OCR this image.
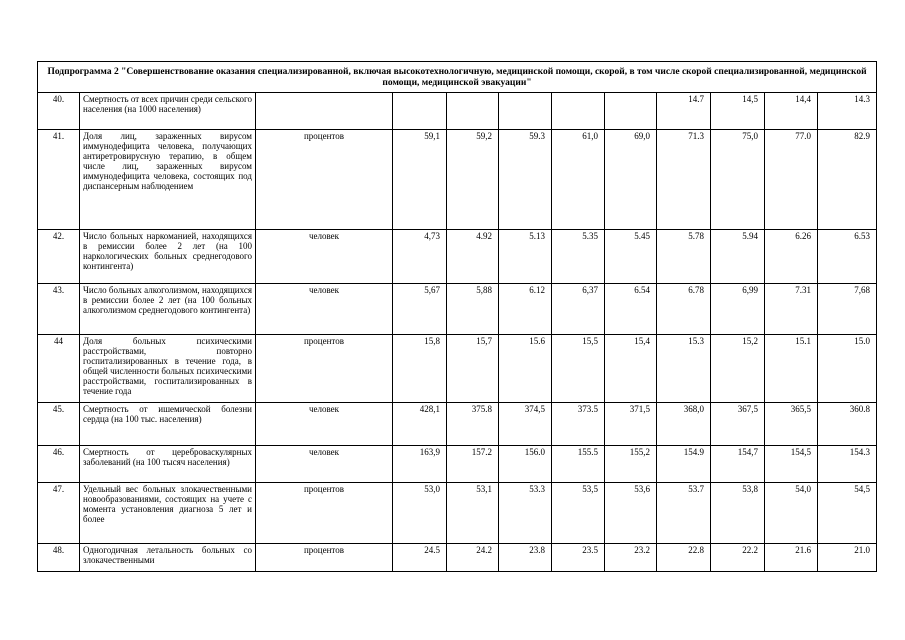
Подпрограмма 2 "Совершенствование оказания специализированной, включая высокотехнологичную, медицинской помощи, скорой, в том числе скорой специализированной, медицинской помощи, медицинской эвакуации"											
40.	Смертность от всех причин среди сельского населения (на 1000 населения)							14.7	14,5	14,4	14.3
41.	Доля лиц, зараженных вирусом иммунодефицита человека, получающих антиретровирусную терапию, в общем числе лиц, зараженных вирусом иммунодефицита человека, состоящих под диспансерным наблюдением	процентов	59,1	59,2	59.3	61,0	69,0	71.3	75,0	77.0	82.9
42.	Число больных наркоманией, находящихся в ремиссии более 2 лет (на 100 наркологических больных среднегодового контингента)	человек	4,73	4.92	5.13	5.35	5.45	5.78	5.94	6.26	6.53
43.	Число больных алкоголизмом, находящихся в ремиссии более 2 лет (на 100 больных алкоголизмом среднегодового контингента)	человек	5,67	5,88	6.12	6,37	6.54	6.78	6,99	7.31	7,68
44	Доля больных психическими расстройствами, повторно госпитализированных в течение года, в общей численности больных психическими расстройствами, госпитализированных в течение года	процентов	15,8	15,7	15.6	15,5	15,4	15.3	15,2	15.1	15.0
45.	Смертность от ишемической болезни сердца (на 100 тыс. населения)	человек	428,1	375.8	374,5	373.5	371,5	368,0	367,5	365,5	360.8
46.	Смертность от цереброваскулярных заболеваний (на 100 тысяч населения)	человек	163,9	157.2	156.0	155.5	155,2	154.9	154,7	154,5	154.3
47.	Удельный вес больных злокачественными новообразованиями, состоящих на учете с момента установления диагноза 5 лет и более	процентов	53,0	53,1	53.3	53,5	53,6	53.7	53,8	54,0	54,5
48.	Одногодичная летальность больных со злокачественными	процентов	24.5	24.2	23.8	23.5	23.2	22.8	22.2	21.6	21.0
